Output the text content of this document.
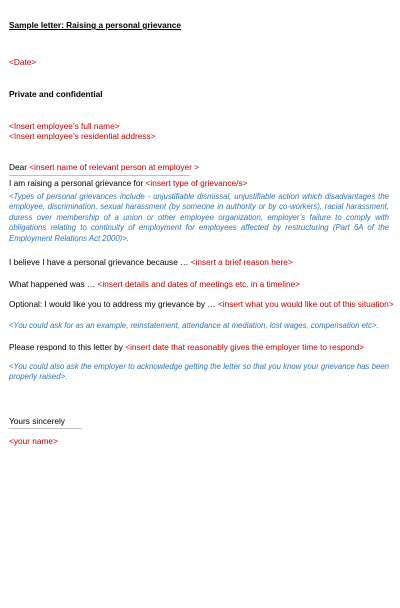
Sample letter: Raising a personal grievance
<Date>
Private and confidential
<Insert employee’s full name>
<Insert employee’s residential address>
Dear <insert name of relevant person at employer >
I am raising a personal grievance for <insert type of grievance/s>
<Types of personal grievances include - unjustifiable dismissal, unjustifiable action which disadvantages the employee, discrimination, sexual harassment (by someone in authority or by co-workers), racial harassment, duress over membership of a union or other employee organization, employer’s failure to comply with obligations relating to continuity of employment for employees affected by restructuring (Part 6A of the Employment Relations Act 2000)>.
I believe I have a personal grievance because … <insert a brief reason here>
What happened was … <insert details and dates of meetings etc. in a timeline>
Optional: I would like you to address my grievance by … <insert what you would like out of this situation>
<You could ask for as an example, reinstatement, attendance at mediation, lost wages, compensation etc>.
Please respond to this letter by <insert date that reasonably gives the employer time to respond>
<You could also ask the employer to acknowledge getting the letter so that you know your grievance has been properly raised>.
Yours sincerely
<your name>
